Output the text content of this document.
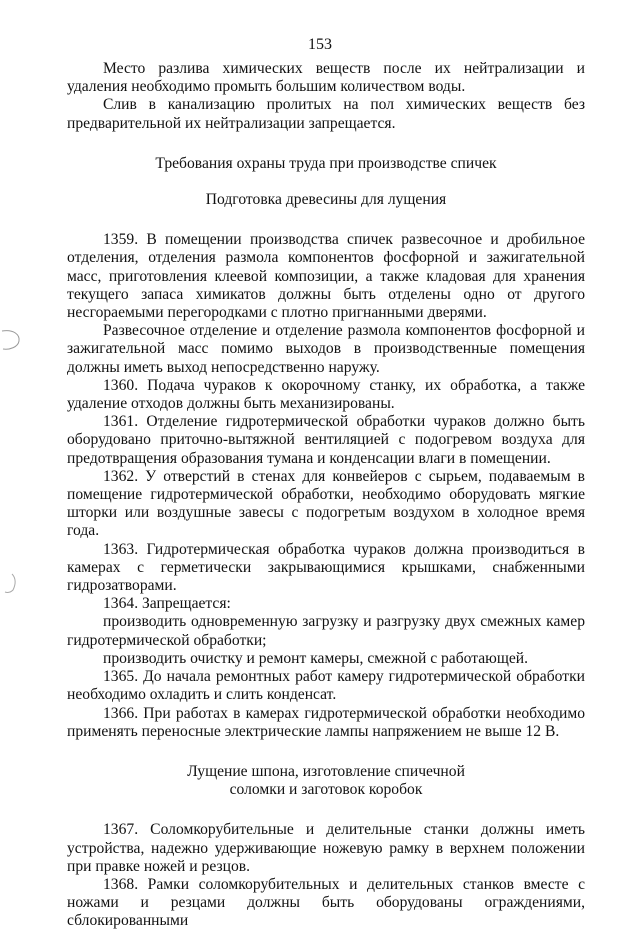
153

Место разлива химических веществ после их нейтрализации и удаления необходимо промыть большим количеством воды.

Слив в канализацию пролитых на пол химических веществ без предварительной их нейтрализации запрещается.

Требования охраны труда при производстве спичек

Подготовка древесины для лущения

1359. В помещении производства спичек развесочное и дробильное отделения, отделения размола компонентов фосфорной и зажигательной масс, приготовления клеевой композиции, а также кладовая для хранения текущего запаса химикатов должны быть отделены одно от другого несгораемыми перегородками с плотно пригнанными дверями.

Развесочное отделение и отделение размола компонентов фосфорной и зажигательной масс помимо выходов в производственные помещения должны иметь выход непосредственно наружу.

1360. Подача чураков к окорочному станку, их обработка, а также удаление отходов должны быть механизированы.

1361. Отделение гидротермической обработки чураков должно быть оборудовано приточно-вытяжной вентиляцией с подогревом воздуха для предотвращения образования тумана и конденсации влаги в помещении.

1362. У отверстий в стенах для конвейеров с сырьем, подаваемым в помещение гидротермической обработки, необходимо оборудовать мягкие шторки или воздушные завесы с подогретым воздухом в холодное время года.

1363. Гидротермическая обработка чураков должна производиться в камерах с герметически закрывающимися крышками, снабженными гидрозатворами.

1364. Запрещается:

производить одновременную загрузку и разгрузку двух смежных камер гидротермической обработки;

производить очистку и ремонт камеры, смежной с работающей.

1365. До начала ремонтных работ камеру гидротермической обработки необходимо охладить и слить конденсат.

1366. При работах в камерах гидротермической обработки необходимо применять переносные электрические лампы напряжением не выше 12 В.

Лущение шпона, изготовление спичечной

соломки и заготовок коробок

1367. Соломкорубительные и делительные станки должны иметь устройства, надежно удерживающие ножевую рамку в верхнем положении при правке ножей и резцов.

1368. Рамки соломкорубительных и делительных станков вместе с ножами и резцами должны быть оборудованы ограждениями, сблокированными
